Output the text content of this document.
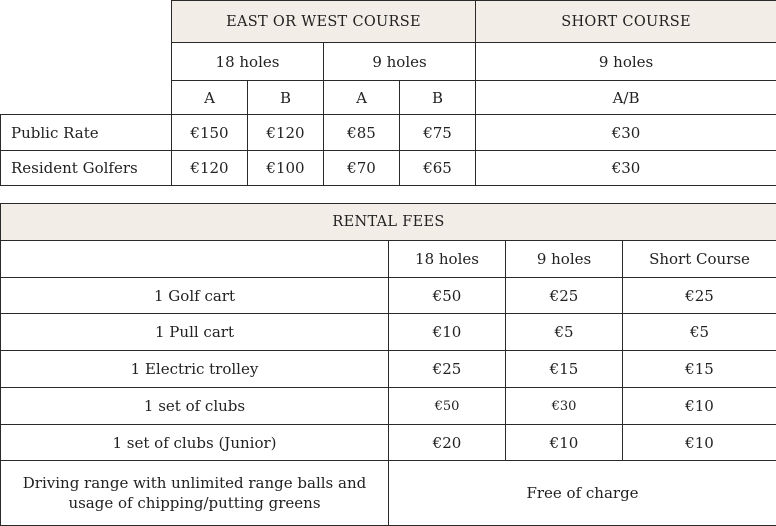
	EAST OR WEST COURSE				SHORT COURSE
	18 holes		9 holes		9 holes
	A	B	A	B	A/B
Public Rate	€150	€120	€85	€75	€30
Resident Golfers	€120	€100	€70	€65	€30
RENTAL FEES			
	18 holes	9 holes	Short Course
1 Golf cart	€50	€25	€25
1 Pull cart	€10	€5	€5
1 Electric trolley	€25	€15	€15
1 set of clubs	€50	€30	€10
1 set of clubs (Junior)	€20	€10	€10

Driving range with unlimited range balls and
usage of chipping/putting greens	Free of charge		
